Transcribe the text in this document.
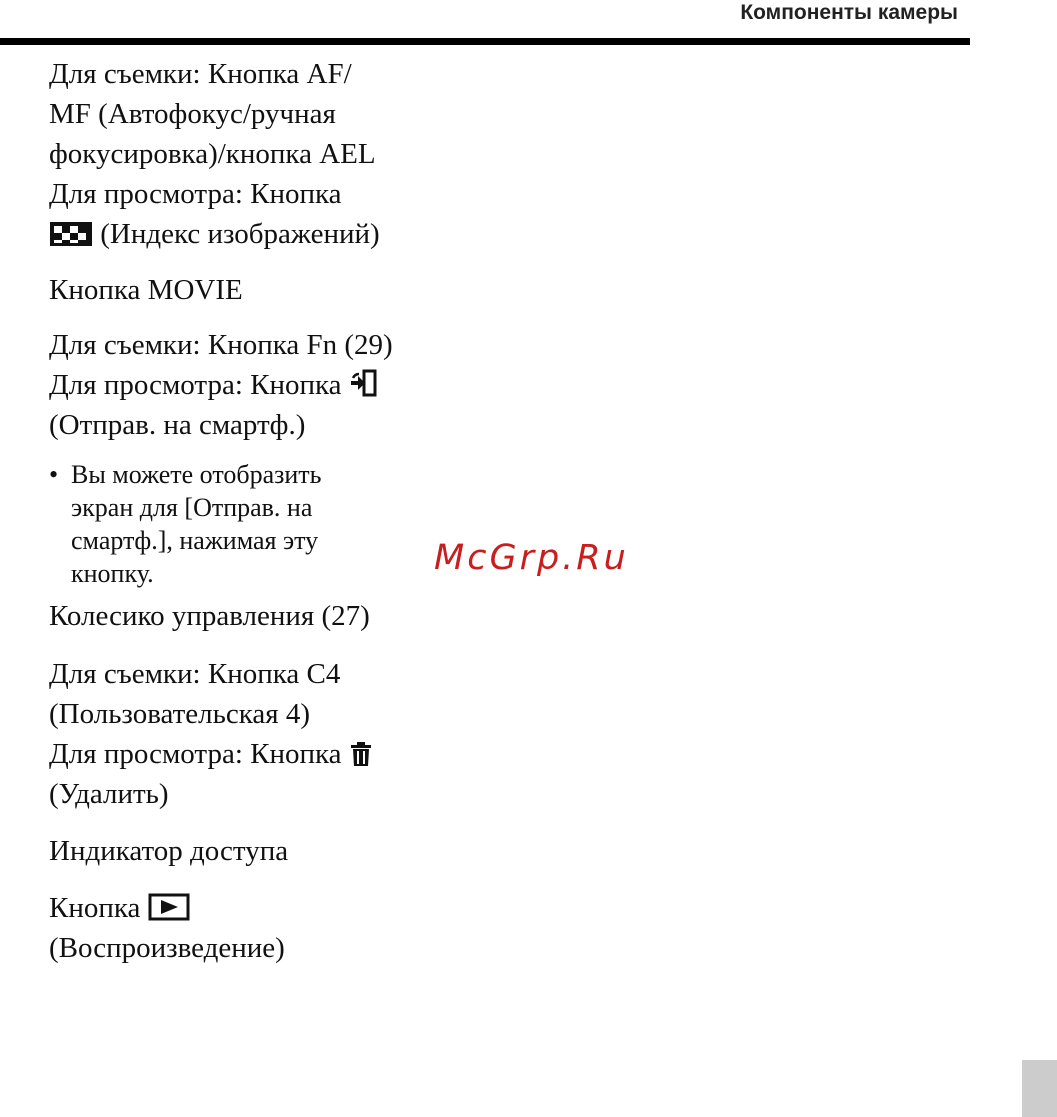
Компоненты камеры
Для съемки: Кнопка AF/
MF (Автофокус/ручная
фокусировка)/кнопка AEL
Для просмотра: Кнопка
(Индекс изображений)
Кнопка MOVIE
Для съемки: Кнопка Fn (29)
Для просмотра: Кнопка
(Отправ. на смартф.)
• Вы можете отобразить
экран для [Отправ. на
смартф.], нажимая эту
кнопку.
Колесико управления (27)
Для съемки: Кнопка C4
(Пользовательская 4)
Для просмотра: Кнопка
(Удалить)
Индикатор доступа
Кнопка
(Воспроизведение)
McGrp.Ru
